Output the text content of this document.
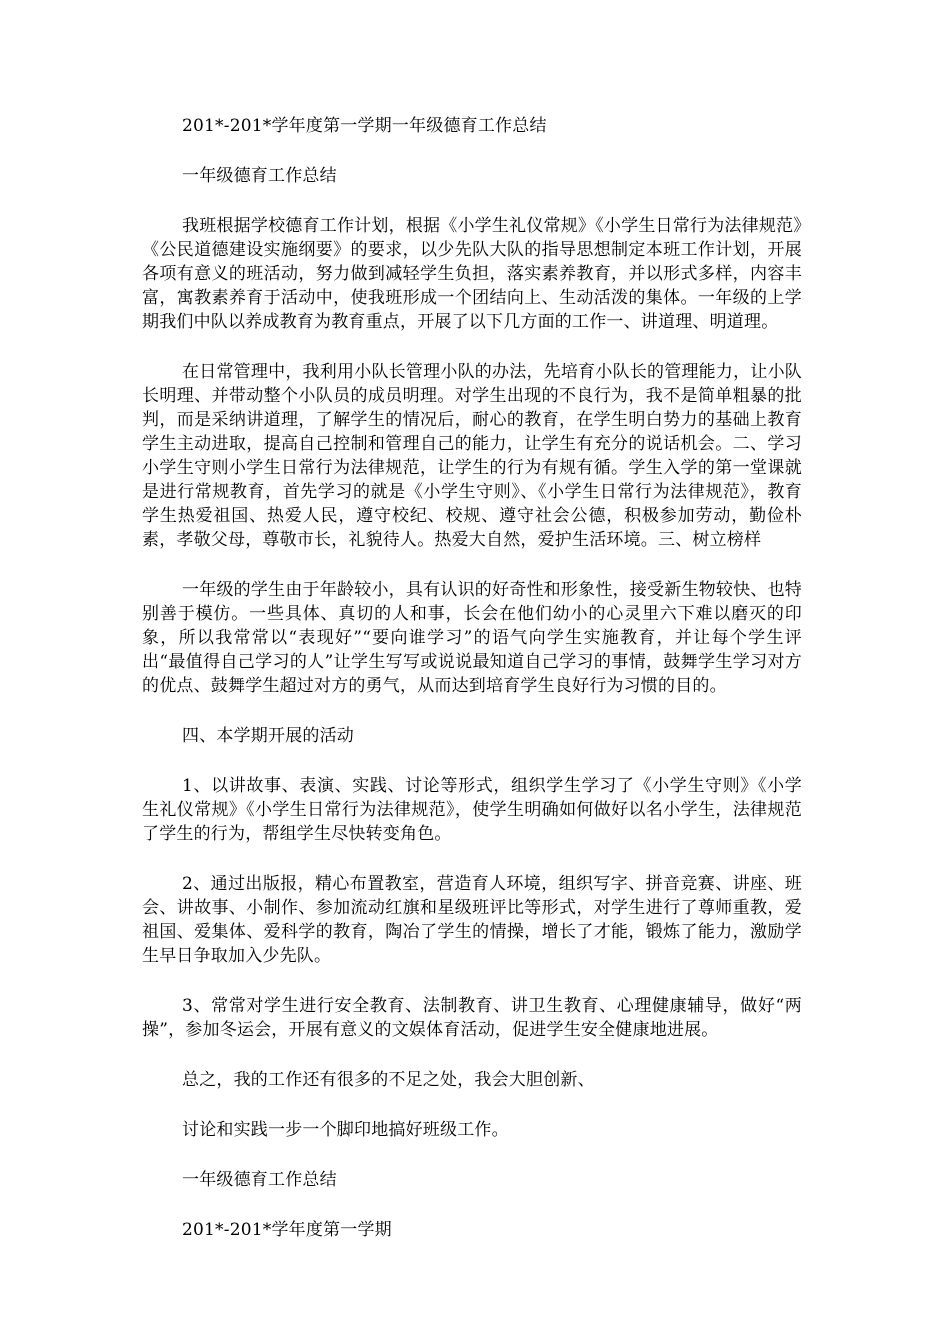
201*-201*学年度第一学期一年级德育工作总结

一年级德育工作总结

我班根据学校德育工作计划，根据《小学生礼仪常规》《小学生日常行为法律规范》《公民道德建设实施纲要》的要求，以少先队大队的指导思想制定本班工作计划，开展各项有意义的班活动，努力做到减轻学生负担，落实素养教育，并以形式多样，内容丰富，寓教素养育于活动中，使我班形成一个团结向上、生动活泼的集体。一年级的上学期我们中队以养成教育为教育重点，开展了以下几方面的工作一、讲道理、明道理。

在日常管理中，我利用小队长管理小队的办法，先培育小队长的管理能力，让小队长明理、并带动整个小队员的成员明理。对学生出现的不良行为，我不是简单粗暴的批判，而是采纳讲道理，了解学生的情况后，耐心的教育，在学生明白势力的基础上教育学生主动进取，提高自己控制和管理自己的能力，让学生有充分的说话机会。二、学习小学生守则小学生日常行为法律规范，让学生的行为有规有循。学生入学的第一堂课就是进行常规教育，首先学习的就是《小学生守则》、《小学生日常行为法律规范》，教育学生热爱祖国、热爱人民，遵守校纪、校规、遵守社会公德，积极参加劳动，勤俭朴素，孝敬父母，尊敬市长，礼貌待人。热爱大自然，爱护生活环境。三、树立榜样

一年级的学生由于年龄较小，具有认识的好奇性和形象性，接受新生物较快、也特别善于模仿。一些具体、真切的人和事，长会在他们幼小的心灵里六下难以磨灭的印象，所以我常常以“表现好”“要向谁学习”的语气向学生实施教育，并让每个学生评出“最值得自己学习的人”让学生写写或说说最知道自己学习的事情，鼓舞学生学习对方的优点、鼓舞学生超过对方的勇气，从而达到培育学生良好行为习惯的目的。

四、本学期开展的活动

1、以讲故事、表演、实践、讨论等形式，组织学生学习了《小学生守则》《小学生礼仪常规》《小学生日常行为法律规范》，使学生明确如何做好以名小学生，法律规范了学生的行为，帮组学生尽快转变角色。

2、通过出版报，精心布置教室，营造育人环境，组织写字、拼音竞赛、讲座、班会、讲故事、小制作、参加流动红旗和星级班评比等形式，对学生进行了尊师重教，爱祖国、爱集体、爱科学的教育，陶冶了学生的情操，增长了才能，锻炼了能力，激励学生早日争取加入少先队。

3、常常对学生进行安全教育、法制教育、讲卫生教育、心理健康辅导，做好“两操”，参加冬运会，开展有意义的文娱体育活动，促进学生安全健康地进展。

总之，我的工作还有很多的不足之处，我会大胆创新、

讨论和实践一步一个脚印地搞好班级工作。

一年级德育工作总结

201*-201*学年度第一学期
